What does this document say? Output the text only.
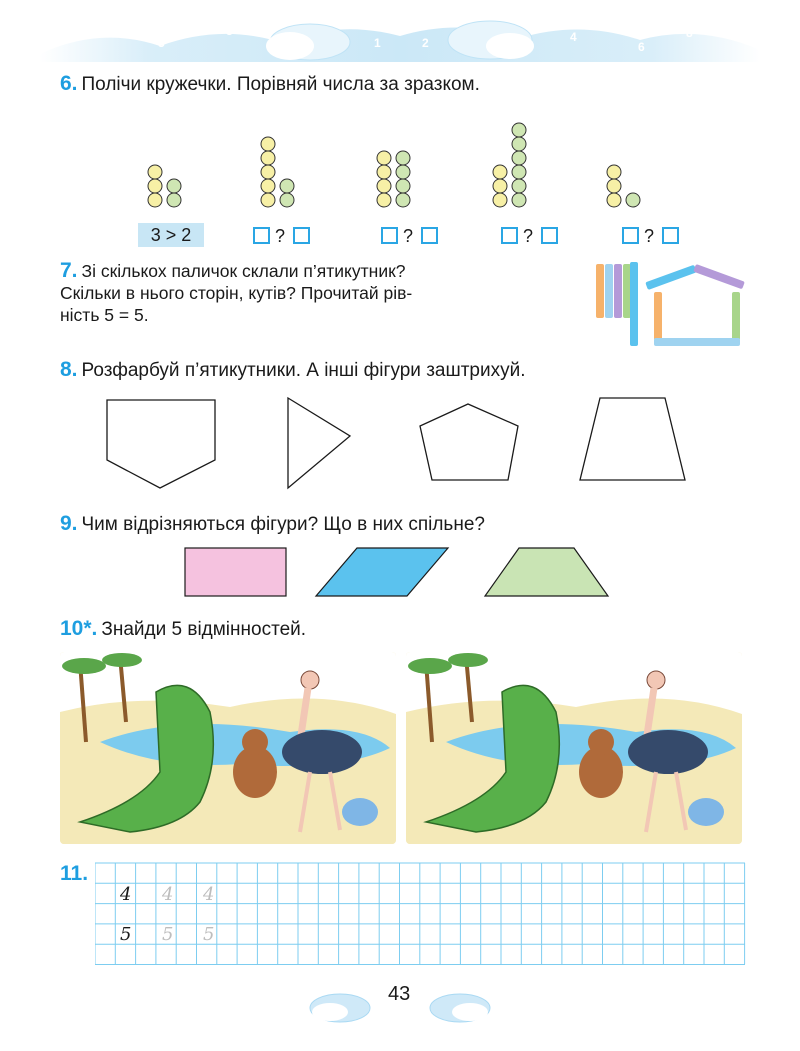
7
5
3
1
0
2	4
6
8
6. Полічи кружечки. Порівняй числа за зразком.
3 > 2	?	?	?	?
7. Зі скількох паличок склали п’ятикутник?
Скільки в нього сторін, кутів? Прочитай рів-
ність 5 = 5.
8. Розфарбуй п’ятикутники. А інші фігури заштрихуй.
9. Чим відрізняються фігури? Що в них спільне?
10*. Знайди 5 відмінностей.
11.
4 4 4
5 5 5
43
